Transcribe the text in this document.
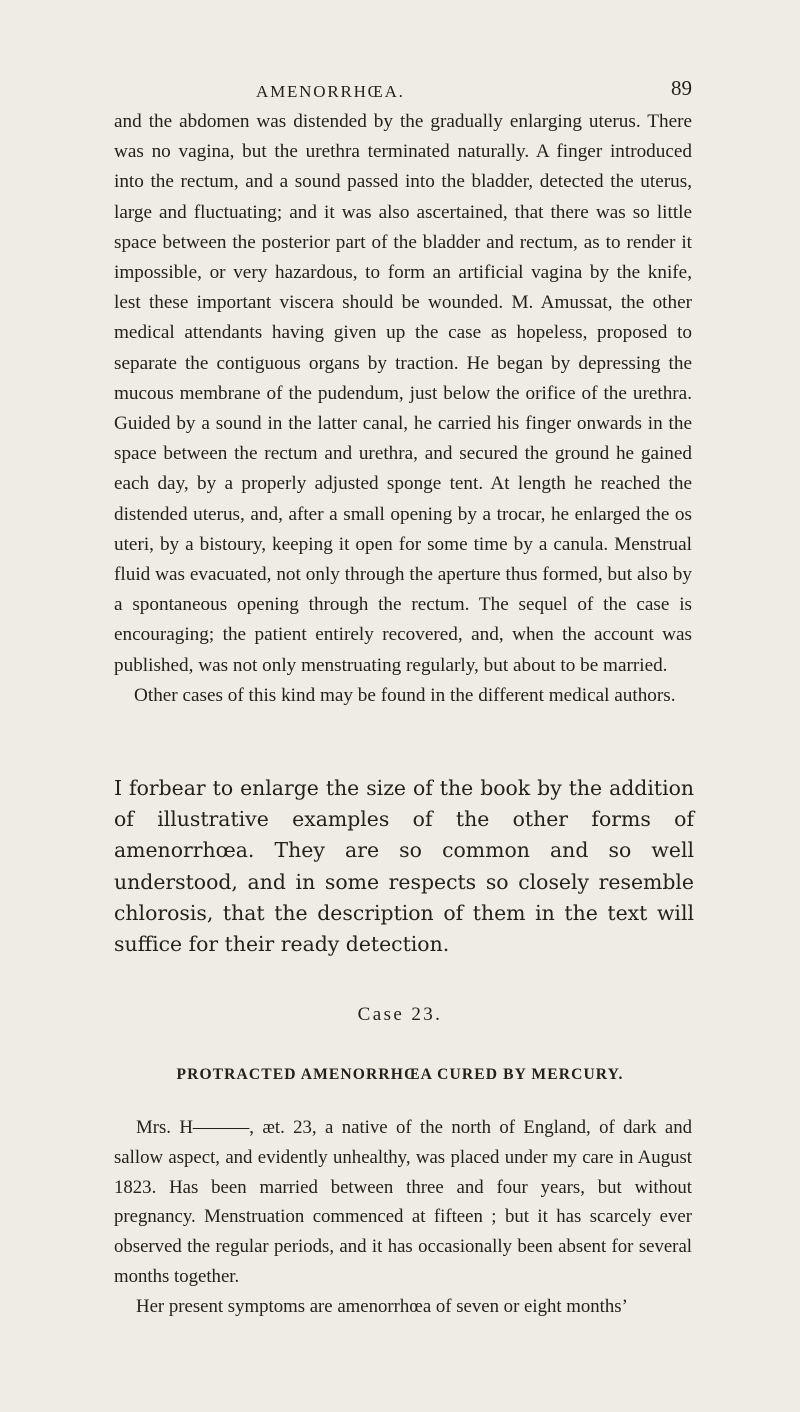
AMENORRHŒA.	89

and the abdomen was distended by the gradually enlarging uterus. There was no vagina, but the urethra terminated naturally. A finger introduced into the rectum, and a sound passed into the bladder, detected the uterus, large and fluctuating; and it was also ascertained, that there was so little space between the posterior part of the bladder and rectum, as to render it impossible, or very hazardous, to form an artificial vagina by the knife, lest these important viscera should be wounded. M. Amussat, the other medical attendants having given up the case as hopeless, proposed to separate the contiguous organs by traction. He began by depressing the mucous membrane of the pudendum, just below the orifice of the urethra. Guided by a sound in the latter canal, he carried his finger onwards in the space between the rectum and urethra, and secured the ground he gained each day, by a properly adjusted sponge tent. At length he reached the distended uterus, and, after a small opening by a trocar, he enlarged the os uteri, by a bistoury, keeping it open for some time by a canula. Menstrual fluid was evacuated, not only through the aperture thus formed, but also by a spontaneous opening through the rectum. The sequel of the case is encouraging; the patient entirely recovered, and, when the account was published, was not only menstruating regularly, but about to be married.

Other cases of this kind may be found in the different medical authors.

I forbear to enlarge the size of the book by the addition of illustrative examples of the other forms of amenorrhœa. They are so common and so well understood, and in some respects so closely resemble chlorosis, that the description of them in the text will suffice for their ready detection.

Case 23.
PROTRACTED AMENORRHŒA CURED BY MERCURY.

Mrs. H———, æt. 23, a native of the north of England, of dark and sallow aspect, and evidently unhealthy, was placed under my care in August 1823. Has been married between three and four years, but without pregnancy. Menstruation commenced at fifteen ; but it has scarcely ever observed the regular periods, and it has occasionally been absent for several months together.

Her present symptoms are amenorrhœa of seven or eight months’
